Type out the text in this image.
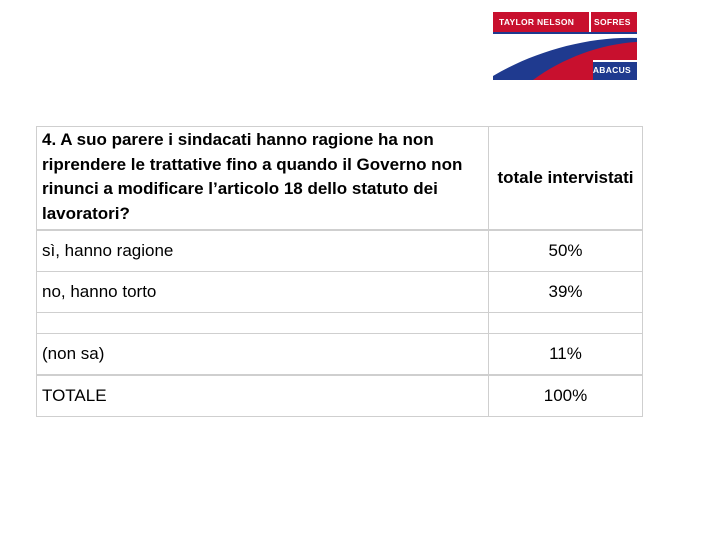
TAYLOR NELSON SOFRES
ABACUS
4. A suo parere i sindacati hanno ragione ha non riprendere le trattative fino a quando il Governo non rinunci a modificare l’articolo 18 dello statuto dei lavoratori?	totale intervistati
sì, hanno ragione	50%
no, hanno torto	39%

(non sa)	11%
TOTALE	100%
